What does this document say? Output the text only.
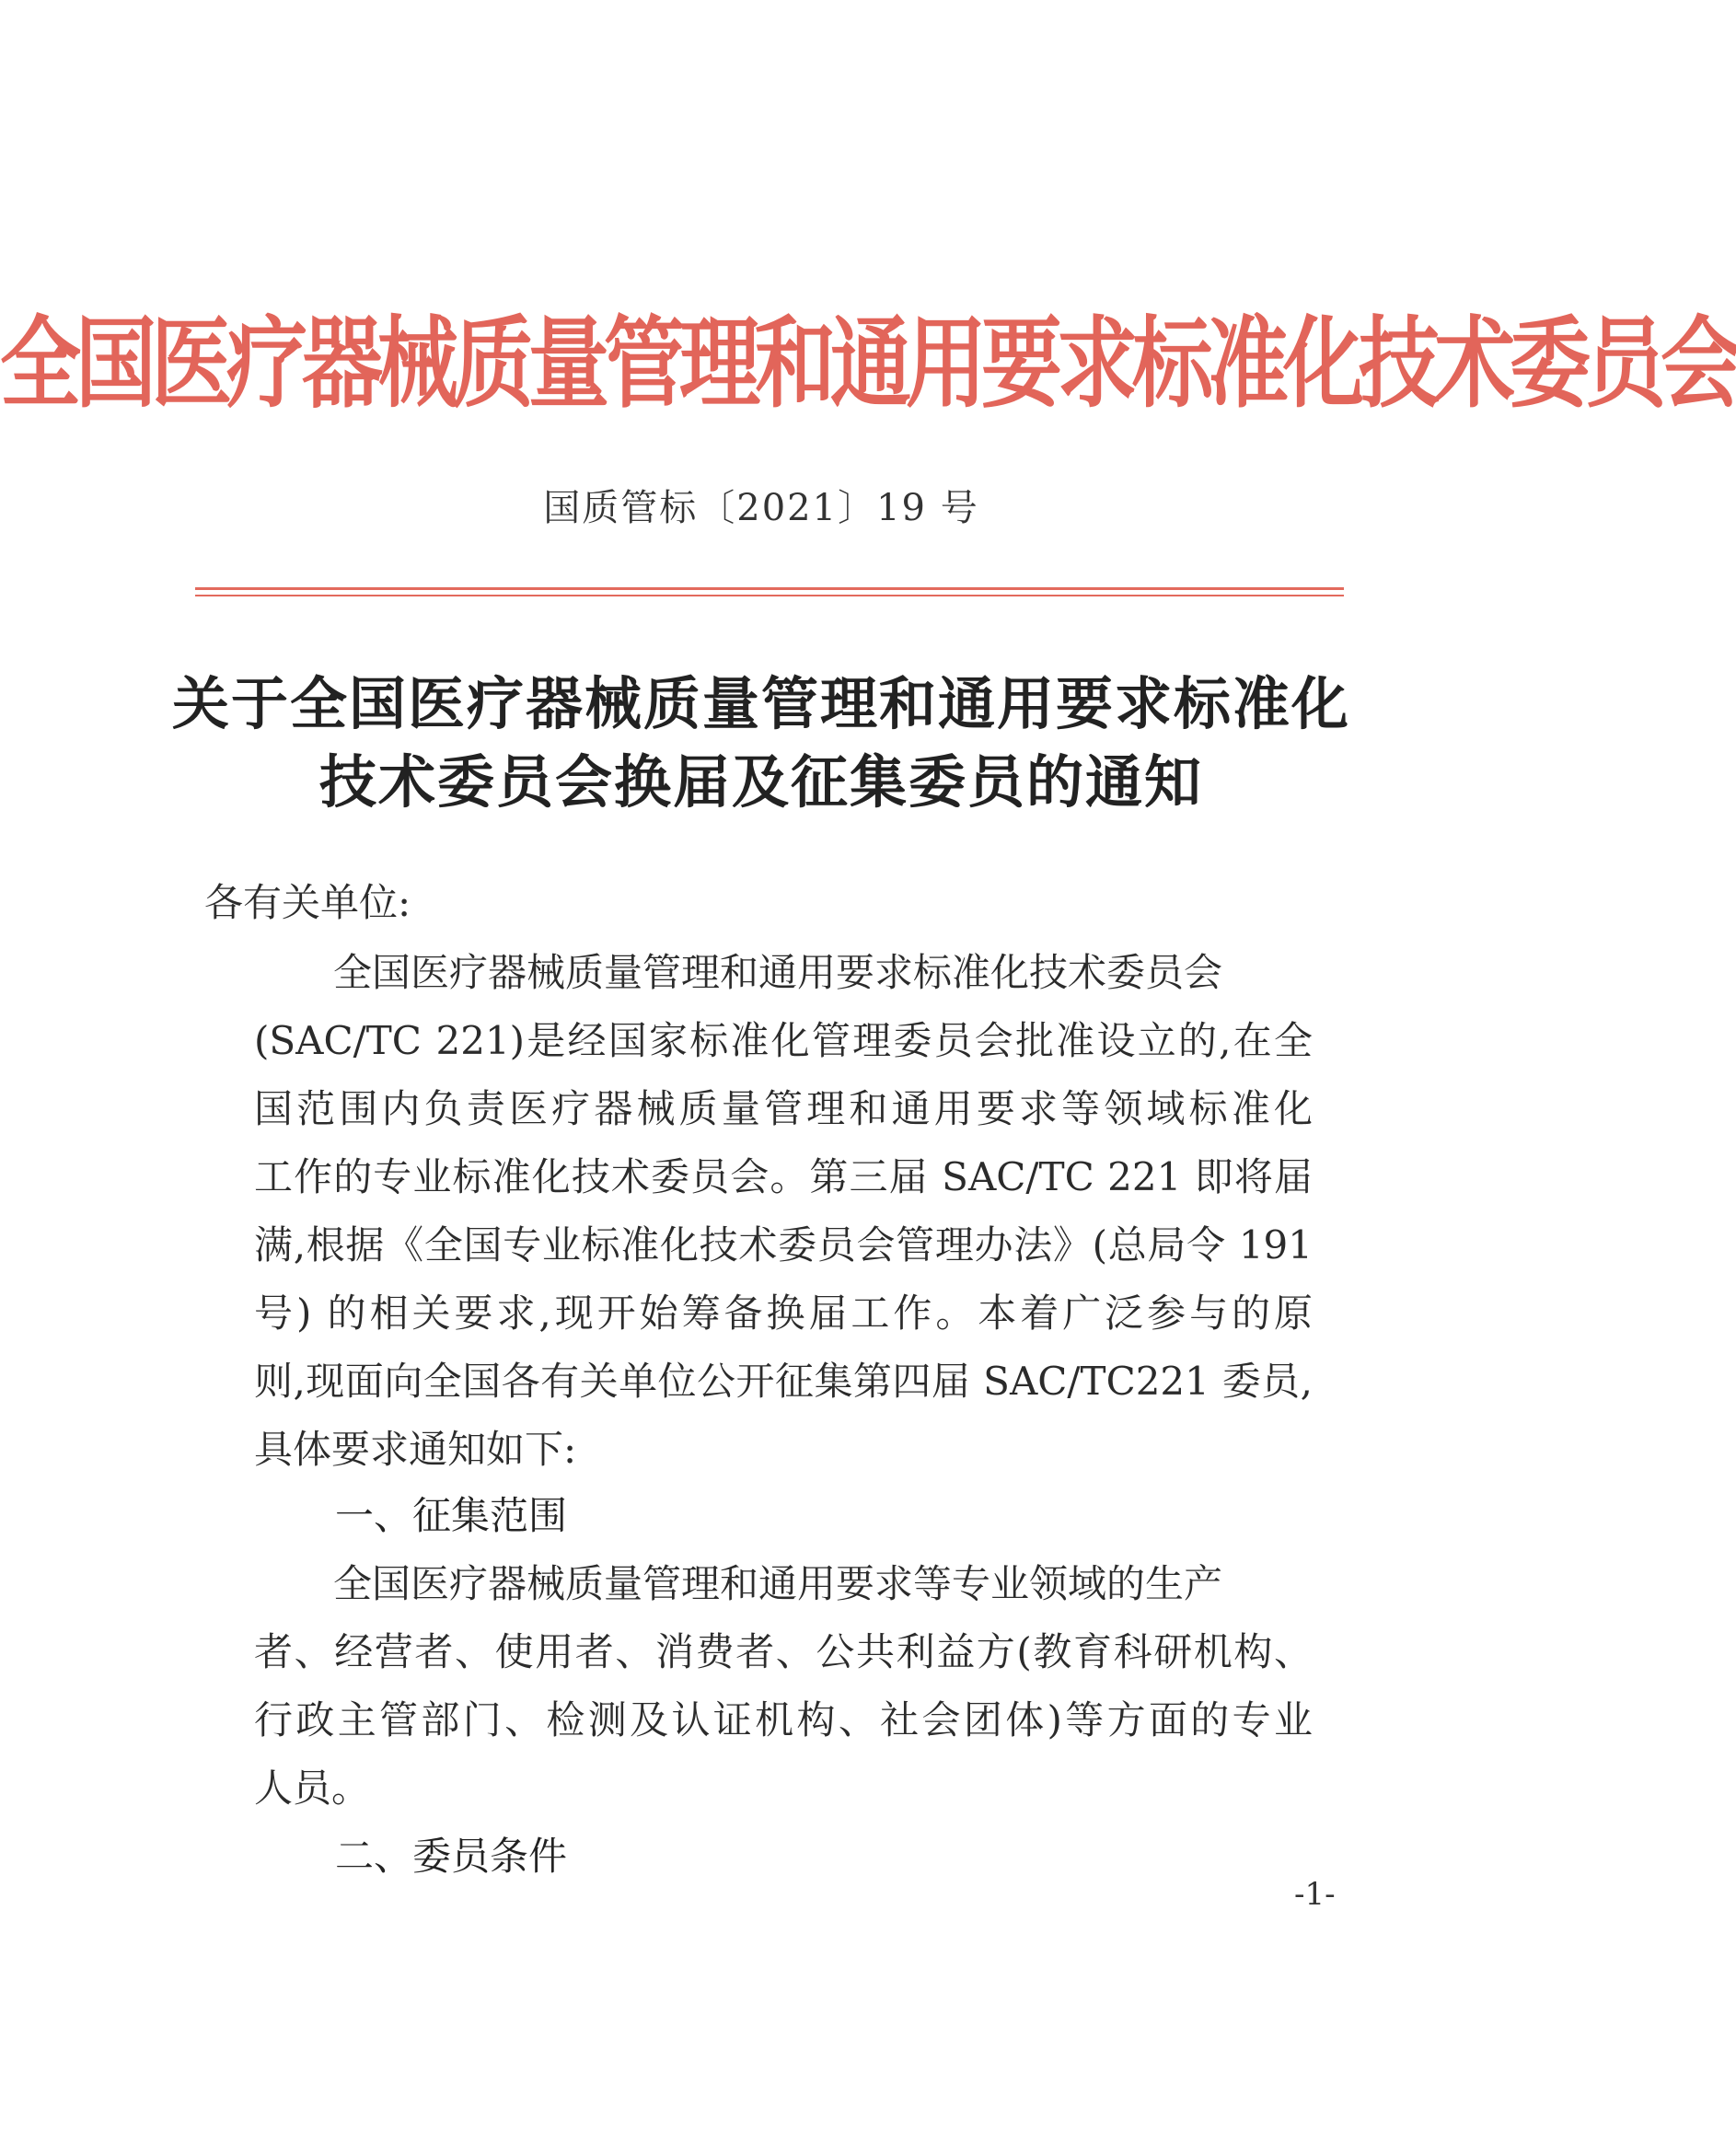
全国医疗器械质量管理和通用要求标准化技术委员会
国质管标〔2021〕19 号
关于全国医疗器械质量管理和通用要求标准化
技术委员会换届及征集委员的通知
各有关单位:
全国医疗器械质量管理和通用要求标准化技术委员会
(SAC/TC 221)是经国家标准化管理委员会批准设立的,在全
国范围内负责医疗器械质量管理和通用要求等领域标准化
工作的专业标准化技术委员会。第三届 SAC/TC 221 即将届
满,根据《全国专业标准化技术委员会管理办法》(总局令 191
号) 的相关要求,现开始筹备换届工作。本着广泛参与的原
则,现面向全国各有关单位公开征集第四届 SAC/TC221 委员,
具体要求通知如下:
一、征集范围
全国医疗器械质量管理和通用要求等专业领域的生产
者、经营者、使用者、消费者、公共利益方(教育科研机构、
行政主管部门、检测及认证机构、社会团体)等方面的专业
人员。
二、委员条件
-1-
